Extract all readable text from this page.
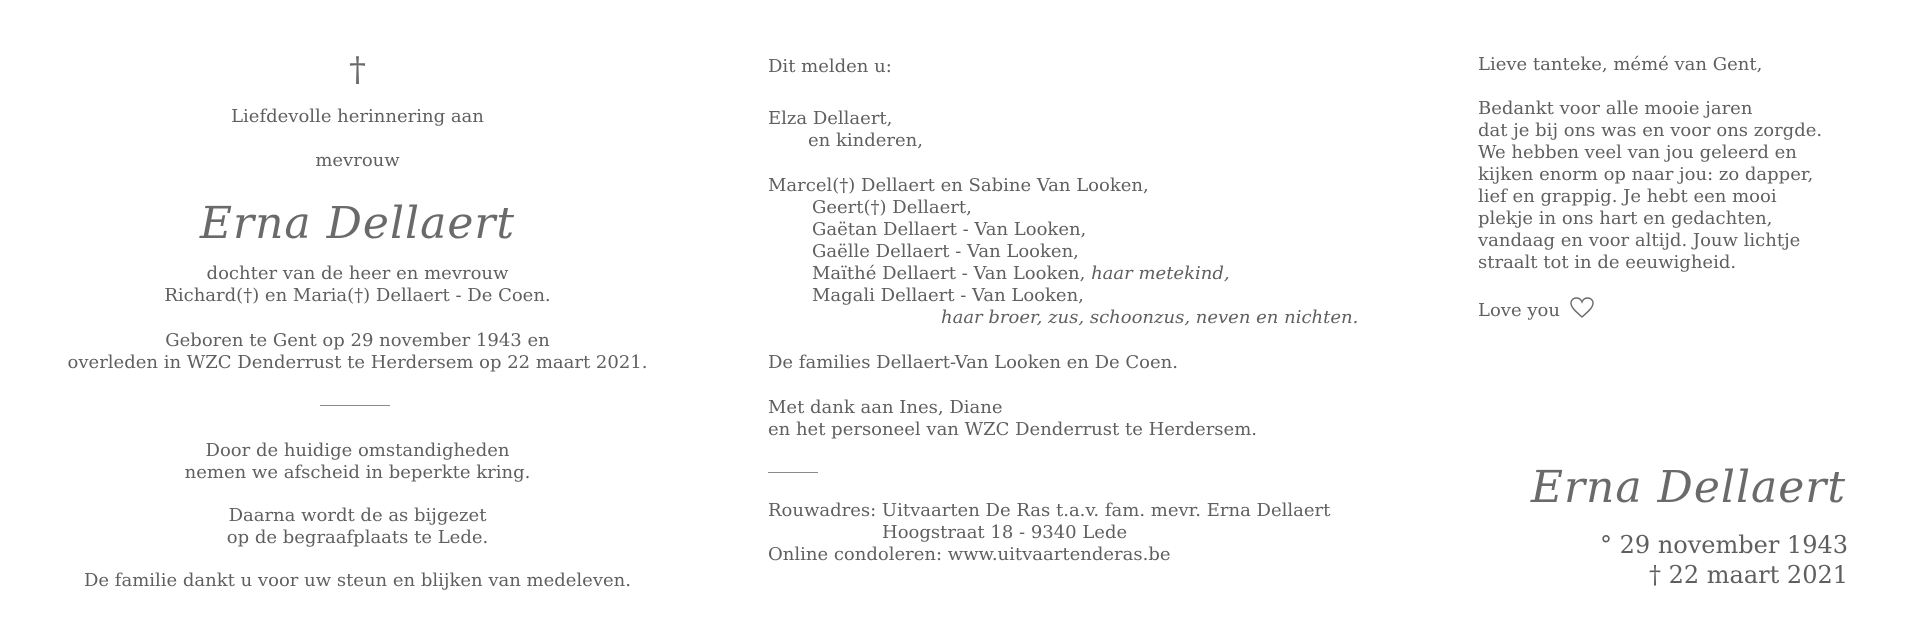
†
Liefdevolle herinnering aan
mevrouw
Erna Dellaert
dochter van de heer en mevrouw
Richard(†) en Maria(†) Dellaert - De Coen.
Geboren te Gent op 29 november 1943 en
overleden in WZC Denderrust te Herdersem op 22 maart 2021.
Door de huidige omstandigheden
nemen we afscheid in beperkte kring.
Daarna wordt de as bijgezet
op de begraafplaats te Lede.
De familie dankt u voor uw steun en blijken van medeleven.
Dit melden u:
Elza Dellaert,
en kinderen,
Marcel(†) Dellaert en Sabine Van Looken,
Geert(†) Dellaert,
Gaëtan Dellaert - Van Looken,
Gaëlle Dellaert - Van Looken,
Maïthé Dellaert - Van Looken, haar metekind,
Magali Dellaert - Van Looken,
haar broer, zus, schoonzus, neven en nichten.
De families Dellaert-Van Looken en De Coen.
Met dank aan Ines, Diane
en het personeel van WZC Denderrust te Herdersem.
Rouwadres: Uitvaarten De Ras t.a.v. fam. mevr. Erna Dellaert
Hoogstraat 18 - 9340 Lede
Online condoleren: www.uitvaartenderas.be
Lieve tanteke, mémé van Gent,
Bedankt voor alle mooie jaren
dat je bij ons was en voor ons zorgde.
We hebben veel van jou geleerd en
kijken enorm op naar jou: zo dapper,
lief en grappig. Je hebt een mooi
plekje in ons hart en gedachten,
vandaag en voor altijd. Jouw lichtje
straalt tot in de eeuwigheid.
Love you
Erna Dellaert
° 29 november 1943
† 22 maart 2021
